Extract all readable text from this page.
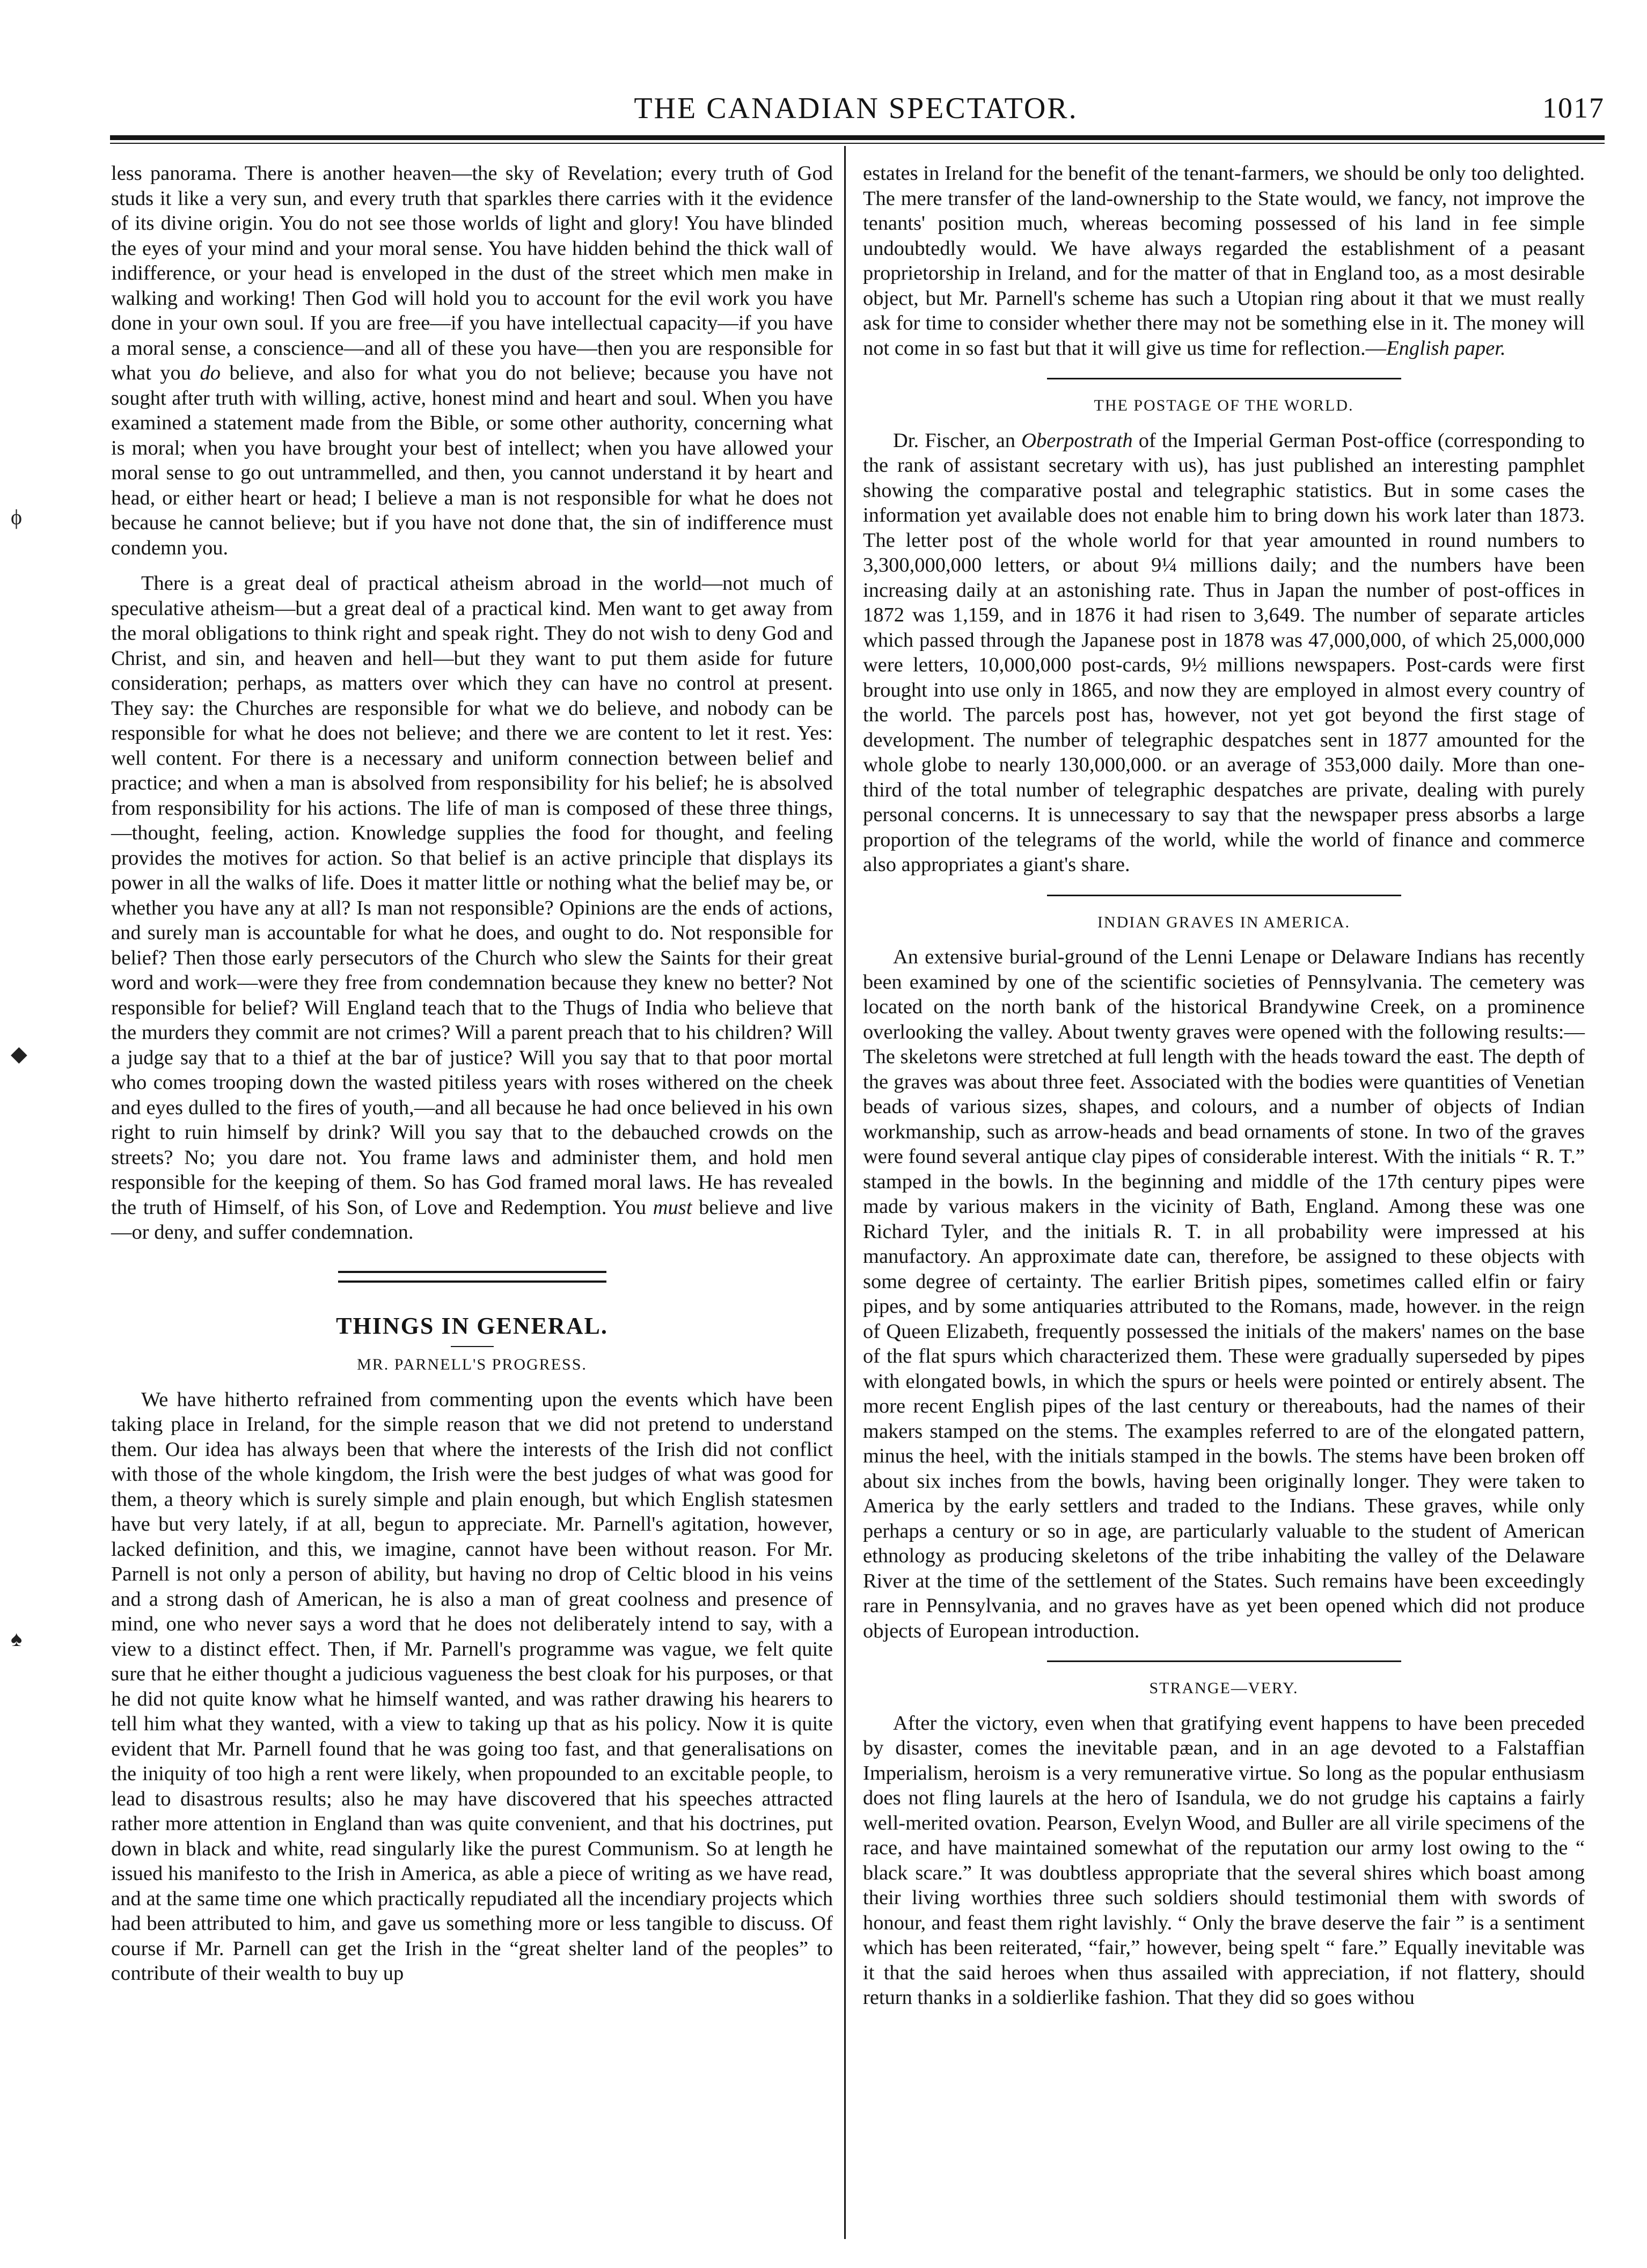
THE CANADIAN SPECTATOR.	1017
ϕ
◆
♠

less panorama. There is another heaven—the sky of Revelation; every truth of God studs it like a very sun, and every truth that sparkles there carries with it the evidence of its divine origin. You do not see those worlds of light and glory! You have blinded the eyes of your mind and your moral sense. You have hidden behind the thick wall of indifference, or your head is enveloped in the dust of the street which men make in walking and working! Then God will hold you to account for the evil work you have done in your own soul. If you are free—if you have intellectual capacity—if you have a moral sense, a conscience—and all of these you have—then you are responsible for what you do believe, and also for what you do not believe; because you have not sought after truth with willing, active, honest mind and heart and soul. When you have examined a statement made from the Bible, or some other authority, concerning what is moral; when you have brought your best of intellect; when you have allowed your moral sense to go out untrammelled, and then, you cannot understand it by heart and head, or either heart or head; I believe a man is not responsible for what he does not because he cannot believe; but if you have not done that, the sin of indifference must condemn you.

There is a great deal of practical atheism abroad in the world—not much of speculative atheism—but a great deal of a practical kind. Men want to get away from the moral obligations to think right and speak right. They do not wish to deny God and Christ, and sin, and heaven and hell—but they want to put them aside for future consideration; perhaps, as matters over which they can have no control at present. They say: the Churches are responsible for what we do believe, and nobody can be responsible for what he does not believe; and there we are content to let it rest. Yes: well content. For there is a necessary and uniform connection between belief and practice; and when a man is absolved from responsibility for his belief; he is absolved from responsibility for his actions. The life of man is composed of these three things,—thought, feeling, action. Knowledge supplies the food for thought, and feeling provides the motives for action. So that belief is an active principle that displays its power in all the walks of life. Does it matter little or nothing what the belief may be, or whether you have any at all? Is man not responsible? Opinions are the ends of actions, and surely man is accountable for what he does, and ought to do. Not responsible for belief? Then those early persecutors of the Church who slew the Saints for their great word and work—were they free from condemnation because they knew no better? Not responsible for belief? Will England teach that to the Thugs of India who believe that the murders they commit are not crimes? Will a parent preach that to his children? Will a judge say that to a thief at the bar of justice? Will you say that to that poor mortal who comes trooping down the wasted pitiless years with roses withered on the cheek and eyes dulled to the fires of youth,—and all because he had once believed in his own right to ruin himself by drink? Will you say that to the debauched crowds on the streets? No; you dare not. You frame laws and administer them, and hold men responsible for the keeping of them. So has God framed moral laws. He has revealed the truth of Himself, of his Son, of Love and Redemption. You must believe and live —or deny, and suffer condemnation.

THINGS IN GENERAL.
MR. PARNELL'S PROGRESS.

We have hitherto refrained from commenting upon the events which have been taking place in Ireland, for the simple reason that we did not pretend to understand them. Our idea has always been that where the interests of the Irish did not conflict with those of the whole kingdom, the Irish were the best judges of what was good for them, a theory which is surely simple and plain enough, but which English statesmen have but very lately, if at all, begun to appreciate. Mr. Parnell's agitation, however, lacked definition, and this, we imagine, cannot have been without reason. For Mr. Parnell is not only a person of ability, but having no drop of Celtic blood in his veins and a strong dash of American, he is also a man of great coolness and presence of mind, one who never says a word that he does not deliberately intend to say, with a view to a distinct effect. Then, if Mr. Parnell's programme was vague, we felt quite sure that he either thought a judicious vagueness the best cloak for his purposes, or that he did not quite know what he himself wanted, and was rather drawing his hearers to tell him what they wanted, with a view to taking up that as his policy. Now it is quite evident that Mr. Parnell found that he was going too fast, and that generalisations on the iniquity of too high a rent were likely, when propounded to an excitable people, to lead to disastrous results; also he may have discovered that his speeches attracted rather more attention in England than was quite convenient, and that his doctrines, put down in black and white, read singularly like the purest Communism. So at length he issued his manifesto to the Irish in America, as able a piece of writing as we have read, and at the same time one which practically repudiated all the incendiary projects which had been attributed to him, and gave us something more or less tangible to discuss. Of course if Mr. Parnell can get the Irish in the “great shelter land of the peoples” to contribute of their wealth to buy up

estates in Ireland for the benefit of the tenant-farmers, we should be only too delighted. The mere transfer of the land-ownership to the State would, we fancy, not improve the tenants' position much, whereas becoming possessed of his land in fee simple undoubtedly would. We have always regarded the establishment of a peasant proprietorship in Ireland, and for the matter of that in England too, as a most desirable object, but Mr. Parnell's scheme has such a Utopian ring about it that we must really ask for time to consider whether there may not be something else in it. The money will not come in so fast but that it will give us time for reflection.—English paper.

THE POSTAGE OF THE WORLD.

Dr. Fischer, an Oberpostrath of the Imperial German Post-office (corresponding to the rank of assistant secretary with us), has just published an interesting pamphlet showing the comparative postal and telegraphic statistics. But in some cases the information yet available does not enable him to bring down his work later than 1873. The letter post of the whole world for that year amounted in round numbers to 3,300,000,000 letters, or about 9¼ millions daily; and the numbers have been increasing daily at an astonishing rate. Thus in Japan the number of post-offices in 1872 was 1,159, and in 1876 it had risen to 3,649. The number of separate articles which passed through the Japanese post in 1878 was 47,000,000, of which 25,000,000 were letters, 10,000,000 post-cards, 9½ millions newspapers. Post-cards were first brought into use only in 1865, and now they are employed in almost every country of the world. The parcels post has, however, not yet got beyond the first stage of development. The number of telegraphic despatches sent in 1877 amounted for the whole globe to nearly 130,000,000. or an average of 353,000 daily. More than one-third of the total number of telegraphic despatches are private, dealing with purely personal concerns. It is unnecessary to say that the newspaper press absorbs a large proportion of the telegrams of the world, while the world of finance and commerce also appropriates a giant's share.

INDIAN GRAVES IN AMERICA.

An extensive burial-ground of the Lenni Lenape or Delaware Indians has recently been examined by one of the scientific societies of Pennsylvania. The cemetery was located on the north bank of the historical Brandywine Creek, on a prominence overlooking the valley. About twenty graves were opened with the following results:—The skeletons were stretched at full length with the heads toward the east. The depth of the graves was about three feet. Associated with the bodies were quantities of Venetian beads of various sizes, shapes, and colours, and a number of objects of Indian workmanship, such as arrow-heads and bead ornaments of stone. In two of the graves were found several antique clay pipes of considerable interest. With the initials “ R. T.” stamped in the bowls. In the beginning and middle of the 17th century pipes were made by various makers in the vicinity of Bath, England. Among these was one Richard Tyler, and the initials R. T. in all probability were impressed at his manufactory. An approximate date can, therefore, be assigned to these objects with some degree of certainty. The earlier British pipes, sometimes called elfin or fairy pipes, and by some antiquaries attributed to the Romans, made, however. in the reign of Queen Elizabeth, frequently possessed the initials of the makers' names on the base of the flat spurs which characterized them. These were gradually superseded by pipes with elongated bowls, in which the spurs or heels were pointed or entirely absent. The more recent English pipes of the last century or thereabouts, had the names of their makers stamped on the stems. The examples referred to are of the elongated pattern, minus the heel, with the initials stamped in the bowls. The stems have been broken off about six inches from the bowls, having been originally longer. They were taken to America by the early settlers and traded to the Indians. These graves, while only perhaps a century or so in age, are particularly valuable to the student of American ethnology as producing skeletons of the tribe inhabiting the valley of the Delaware River at the time of the settlement of the States. Such remains have been exceedingly rare in Pennsylvania, and no graves have as yet been opened which did not produce objects of European introduction.

STRANGE—VERY.

After the victory, even when that gratifying event happens to have been preceded by disaster, comes the inevitable pæan, and in an age devoted to a Falstaffian Imperialism, heroism is a very remunerative virtue. So long as the popular enthusiasm does not fling laurels at the hero of Isandula, we do not grudge his captains a fairly well-merited ovation. Pearson, Evelyn Wood, and Buller are all virile specimens of the race, and have maintained somewhat of the reputation our army lost owing to the “ black scare.” It was doubtless appropriate that the several shires which boast among their living worthies three such soldiers should testimonial them with swords of honour, and feast them right lavishly. “ Only the brave deserve the fair ” is a sentiment which has been reiterated, “fair,” however, being spelt “ fare.” Equally inevitable was it that the said heroes when thus assailed with appreciation, if not flattery, should return thanks in a soldierlike fashion. That they did so goes withou
